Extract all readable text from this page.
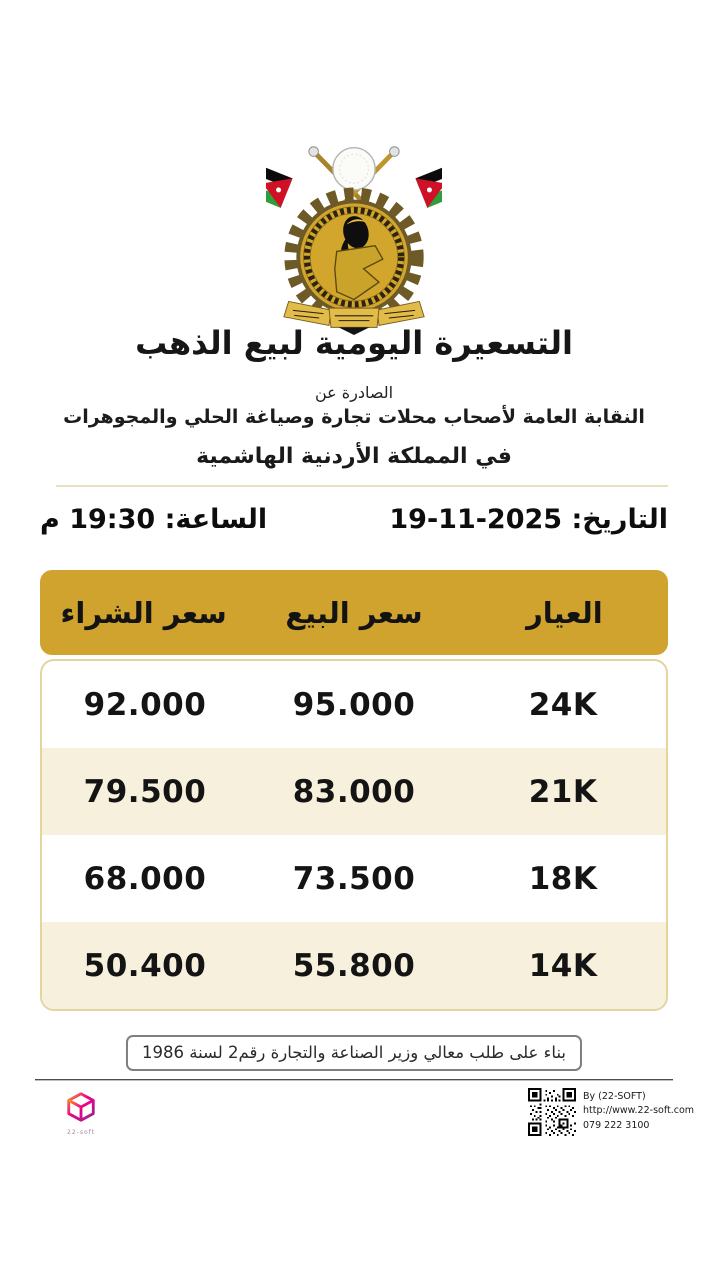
التسعيرة اليومية لبيع الذهب
الصادرة عن
النقابة العامة لأصحاب محلات تجارة وصياغة الحلي والمجوهرات
في المملكة الأردنية الهاشمية
التاريخ: 19-11-2025
الساعة: 19:30 م
العيار
سعر البيع
سعر الشراء
24K
95.000
92.000
21K
83.000
79.500
18K
73.500
68.000
14K
55.800
50.400
بناء على طلب معالي وزير الصناعة والتجارة رقم2 لسنة 1986
By (22-SOFT)
http://www.22-soft.com
079 222 3100
22-soft
